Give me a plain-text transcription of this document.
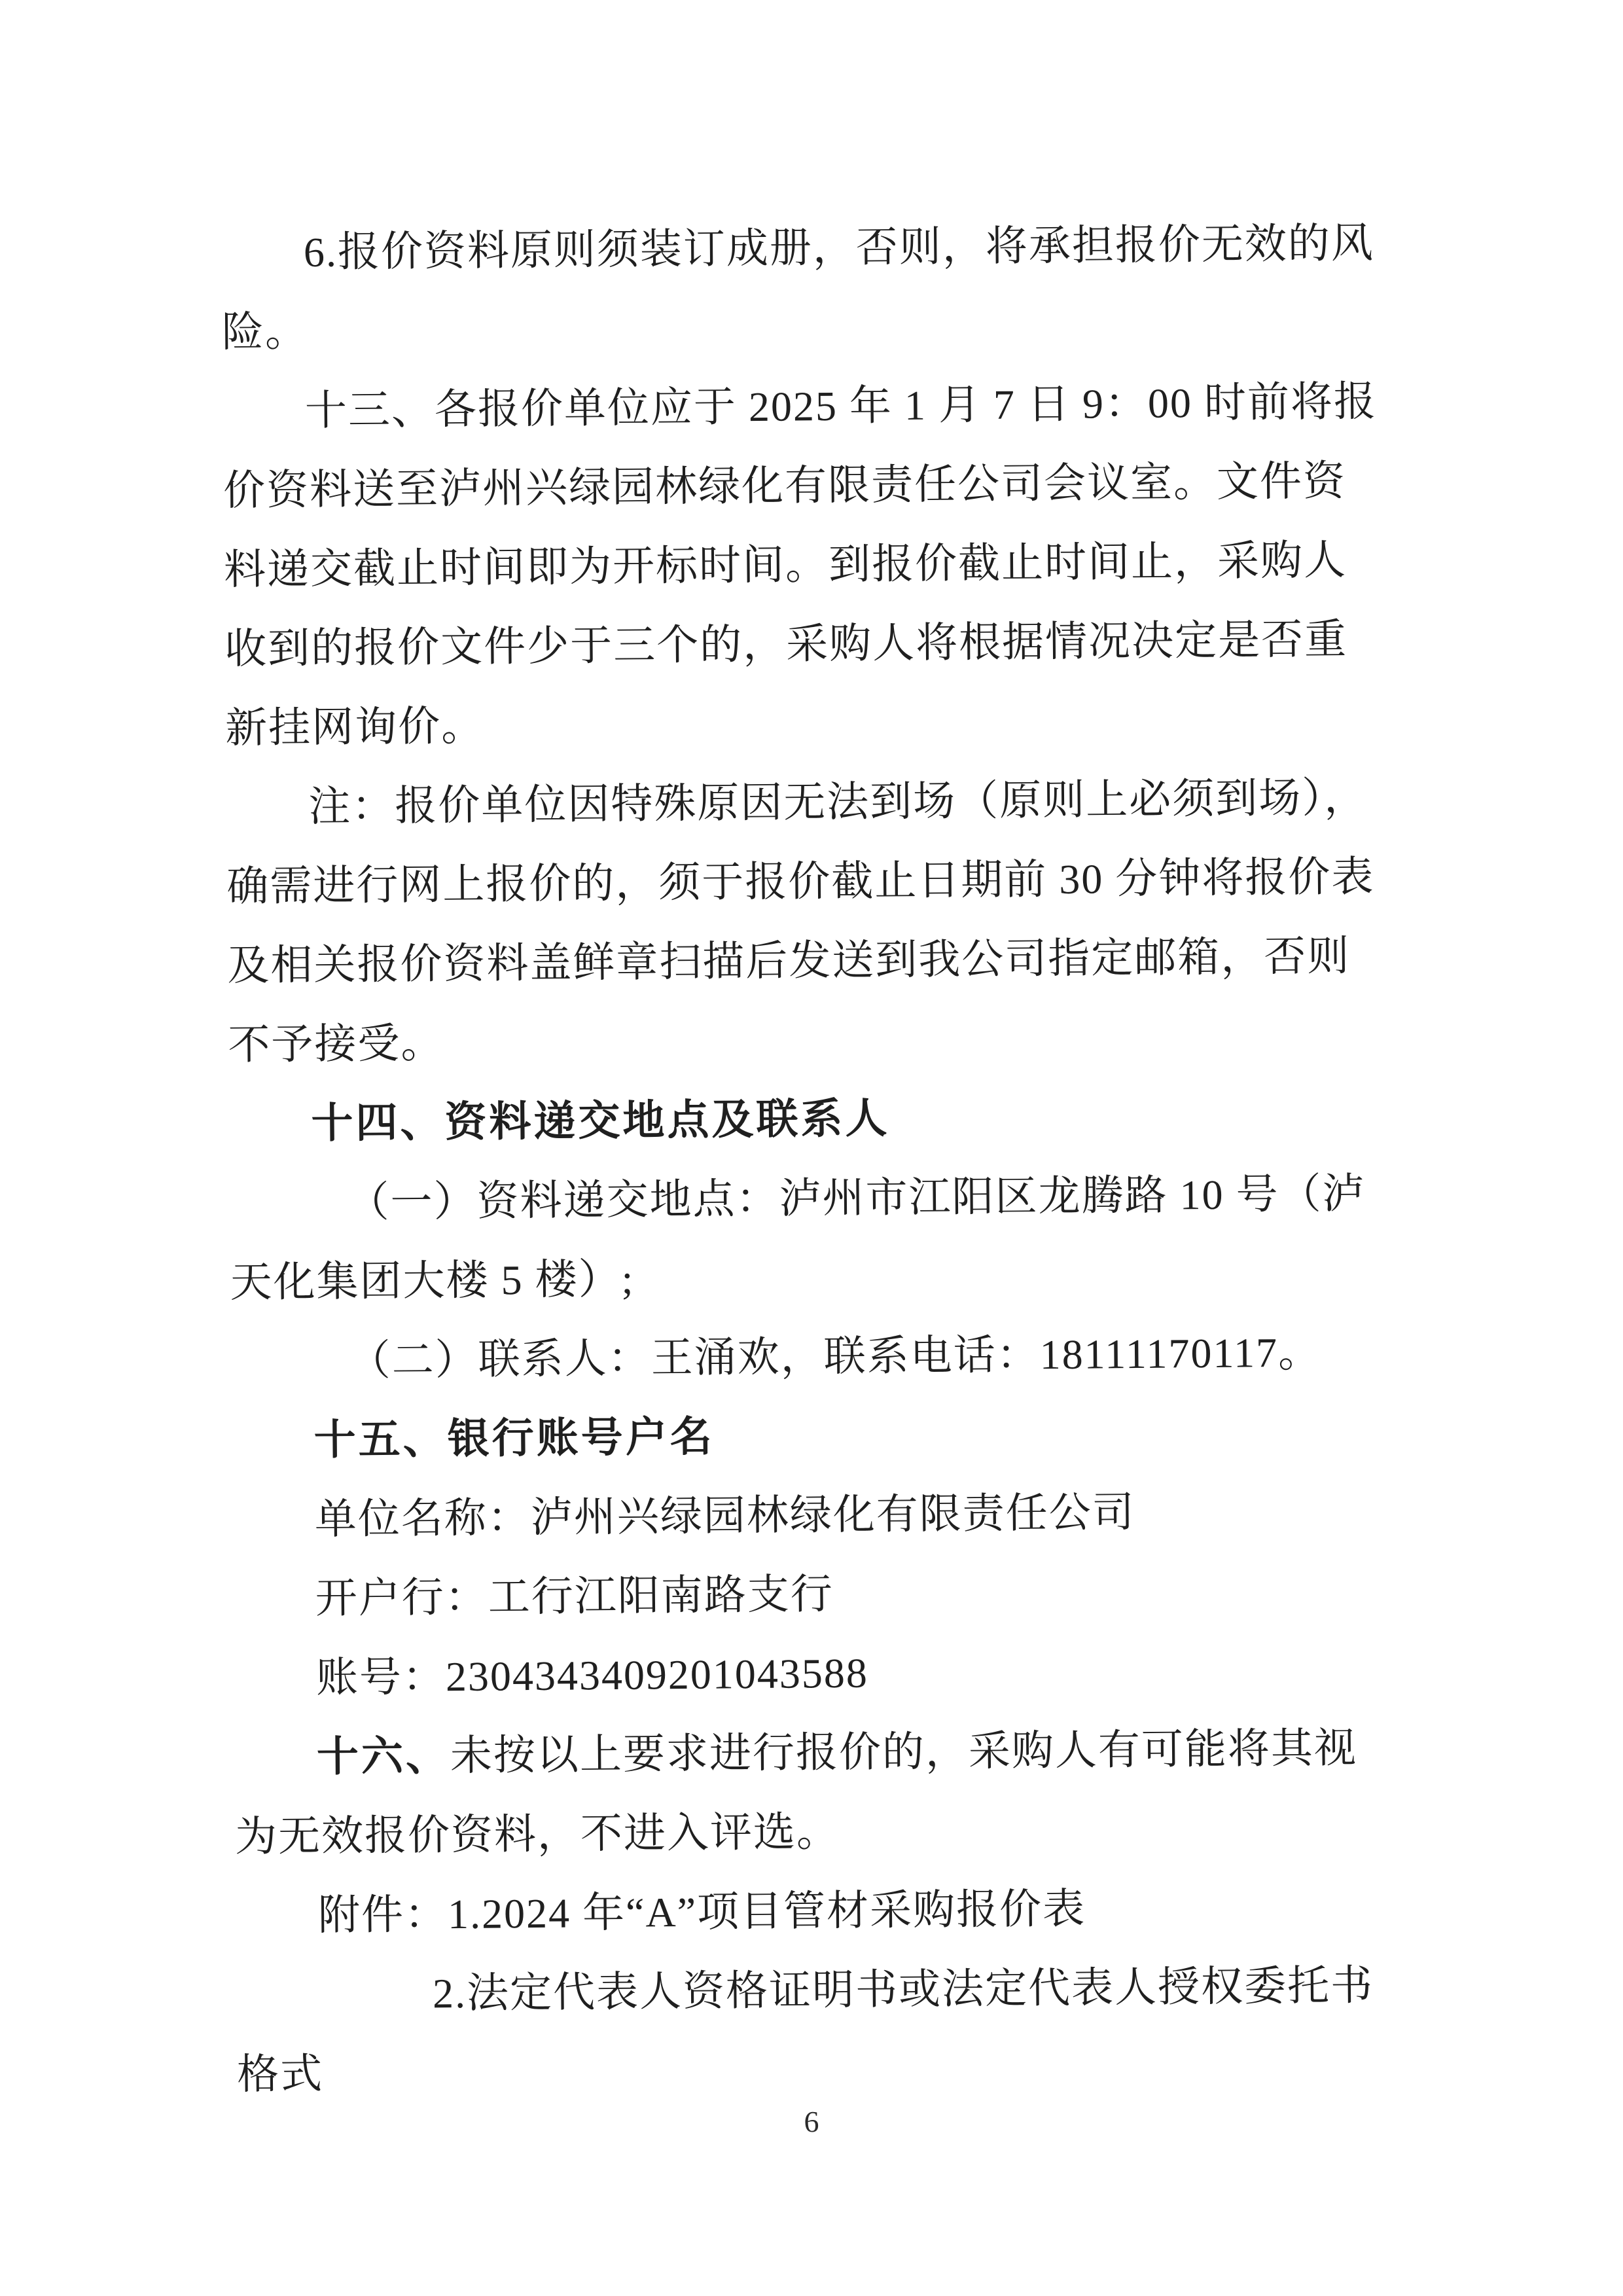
6.报价资料原则须装订成册，否则，将承担报价无效的风
险。
十三、各报价单位应于 2025 年 1 月 7 日 9：00 时前将报
价资料送至泸州兴绿园林绿化有限责任公司会议室。文件资
料递交截止时间即为开标时间。到报价截止时间止，采购人
收到的报价文件少于三个的，采购人将根据情况决定是否重
新挂网询价。
注：报价单位因特殊原因无法到场（原则上必须到场），
确需进行网上报价的，须于报价截止日期前 30 分钟将报价表
及相关报价资料盖鲜章扫描后发送到我公司指定邮箱，否则
不予接受。
十四、资料递交地点及联系人
（一）资料递交地点：泸州市江阳区龙腾路 10 号（泸
天化集团大楼 5 楼）;
（二）联系人：王涌欢，联系电话：18111170117。
十五、银行账号户名
单位名称：泸州兴绿园林绿化有限责任公司
开户行：工行江阳南路支行
账号：2304343409201043588
十六、未按以上要求进行报价的，采购人有可能将其视
为无效报价资料，不进入评选。
附件：1.2024 年“A”项目管材采购报价表
2.法定代表人资格证明书或法定代表人授权委托书
格式
6
